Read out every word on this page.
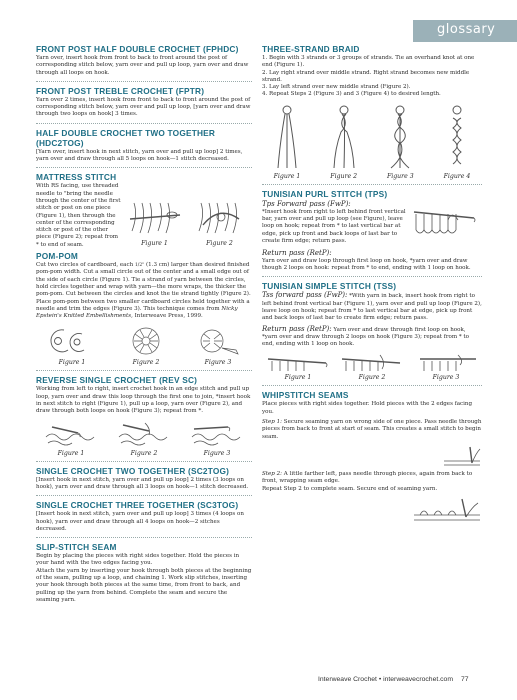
glossary
FRONT POST HALF DOUBLE CROCHET (FPHDC)

Yarn over, insert hook from front to back to front around the post of corresponding stitch below, yarn over and pull up loop, yarn over and draw through all loops on hook.

FRONT POST TREBLE CROCHET (FPTR)

Yarn over 2 times, insert hook from front to back to front around the post of corresponding stitch below, yarn over and pull up loop, [yarn over and draw through two loops on hook] 3 times.

HALF DOUBLE CROCHET TWO TOGETHER (HDC2TOG)

[Yarn over, insert hook in next stitch, yarn over and pull up loop] 2 times, yarn over and draw through all 5 loops on hook—1 stitch decreased.

MATTRESS STITCH

With RS facing, use threaded needle to "bring the needle through the center of the first stitch or post on one piece (Figure 1), then through the center of the corresponding stitch or post of the other piece (Figure 2); repeat from * to end of seam.	Figure 1	Figure 2
POM-POM

Cut two circles of cardboard, each 1/2" (1.3 cm) larger than desired finished pom-pom width. Cut a small circle out of the center and a small edge out of the side of each circle (Figure 1). Tie a strand of yarn between the circles, hold circles together and wrap with yarn—the more wraps, the thicker the pom-pom. Cut between the circles and knot the tie strand tightly (Figure 2). Place pom-pom between two smaller cardboard circles held together with a needle and trim the edges (Figure 3). This technique comes from Nicky Epstein's Knitted Embellishments, Interweave Press, 1999.

Figure 1	Figure 2	Figure 3
REVERSE SINGLE CROCHET (REV SC)

Working from left to right, insert crochet hook in an edge stitch and pull up loop, yarn over and draw this loop through the first one to join, *insert hook in next stitch to right (Figure 1), pull up a loop, yarn over (Figure 2), and draw through both loops on hook (Figure 3); repeat from *.

Figure 1	Figure 2	Figure 3
SINGLE CROCHET TWO TOGETHER (SC2TOG)

[Insert hook in next stitch, yarn over and pull up loop] 2 times (3 loops on hook), yarn over and draw through all 3 loops on hook—1 stitch decreased.

SINGLE CROCHET THREE TOGETHER (SC3TOG)

[Insert hook in next stitch, yarn over and pull up loop] 3 times (4 loops on hook), yarn over and draw through all 4 loops on hook—2 sitches decreased.

SLIP-STITCH SEAM

Begin by placing the pieces with right sides together. Hold the pieces in your hand with the two edges facing you.
Attach the yarn by inserting your hook through both pieces at the beginning of the seam, pulling up a loop, and chaining 1. Work slip stitches, inserting your hook through both pieces at the same time, from front to back, and pulling up the yarn from behind. Complete the seam and secure the seaming yarn.

THREE-STRAND BRAID

1. Begin with 3 strands or 3 groups of strands. Tie an overhand knot at one end (Figure 1).

2. Lay right strand over middle strand. Right strand becomes new middle strand.

3. Lay left strand over new middle strand (Figure 2).

4. Repeat Steps 2 (Figure 3) and 3 (Figure 4) to desired length.

Figure 1	Figure 2	Figure 3	Figure 4
TUNISIAN PURL STITCH (TPS)

Tps Forward pass (FwP):

*Insert hook from right to left behind front vertical bar, yarn over and pull up loop (see Figure), leave loop on hook; repeat from * to last vertical bar at edge, pick up front and back loops of last bar to create firm edge; return pass.

Return pass (RetP):

Yarn over and draw loop through first loop on hook, *yarn over and draw though 2 loops on hook: repeat from * to end, ending with 1 loop on hook.

TUNISIAN SIMPLE STITCH (TSS)

Tss forward pass (FwP): *With yarn in back, insert hook from right to left behind front vertical bar (Figure 1), yarn over and pull up loop (Figure 2), leave loop on hook; repeat from * to last vertical bar at edge, pick up front and back loops of last bar to create firm edge; return pass.

Return pass (RetP): Yarn over and draw through first loop on hook, *yarn over and draw through 2 loops on hook (Figure 3); repeat from * to end, ending with 1 loop on hook.

Figure 1	Figure 2	Figure 3
WHIPSTITCH SEAMS

Place pieces with right sides together. Hold pieces with the 2 edges facing you.

Step 1: Secure seaming yarn on wrong side of one piece. Pass needle through pieces from back to front at start of seam. This creates a small stitch to begin seam.

Step 2: A little farther left, pass needle through pieces, again from back to front, wrapping seam edge.
Repeat Step 2 to complete seam. Secure end of seaming yarn.

Interweave Crochet • interweavecrochet.com 77
